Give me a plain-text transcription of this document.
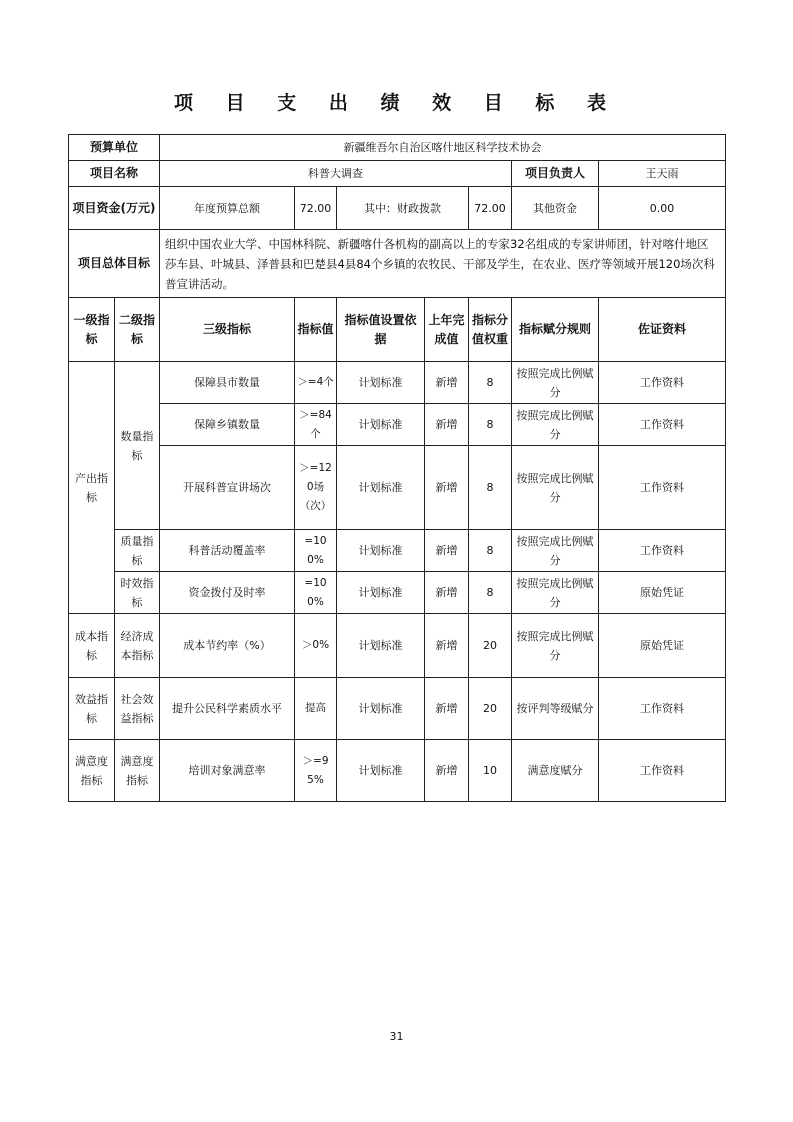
项 目 支 出 绩 效 目 标 表
预算单位		新疆维吾尔自治区喀什地区科学技术协会						
项目名称		科普大调查					项目负责人	王天雨
项目资金(万元)		年度预算总额	72.00	其中：财政拨款		72.00	其他资金	0.00
项目总体目标		组织中国农业大学、中国林科院、新疆喀什各机构的副高以上的专家32名组成的专家讲师团，针对喀什地区莎车县、叶城县、泽普县和巴楚县4县84个乡镇的农牧民、干部及学生，在农业、医疗等领域开展120场次科普宣讲活动。						
一级指标	二级指标	三级指标	指标值	指标值设置依据	上年完成值	指标分值权重	指标赋分规则	佐证资料
产出指标	数量指标	保障县市数量	＞=4个	计划标准	新增	8	按照完成比例赋分	工作资料
		保障乡镇数量	＞=84个	计划标准	新增	8	按照完成比例赋分	工作资料
		开展科普宣讲场次	＞=120场（次）	计划标准	新增	8	按照完成比例赋分	工作资料
	质量指标	科普活动覆盖率	=100%	计划标准	新增	8	按照完成比例赋分	工作资料
	时效指标	资金拨付及时率	=100%	计划标准	新增	8	按照完成比例赋分	原始凭证
成本指标	经济成本指标	成本节约率（%）	＞0%	计划标准	新增	20	按照完成比例赋分	原始凭证
效益指标	社会效益指标	提升公民科学素质水平	提高	计划标准	新增	20	按评判等级赋分	工作资料
满意度指标	满意度指标	培训对象满意率	＞=95%	计划标准	新增	10	满意度赋分	工作资料
31
